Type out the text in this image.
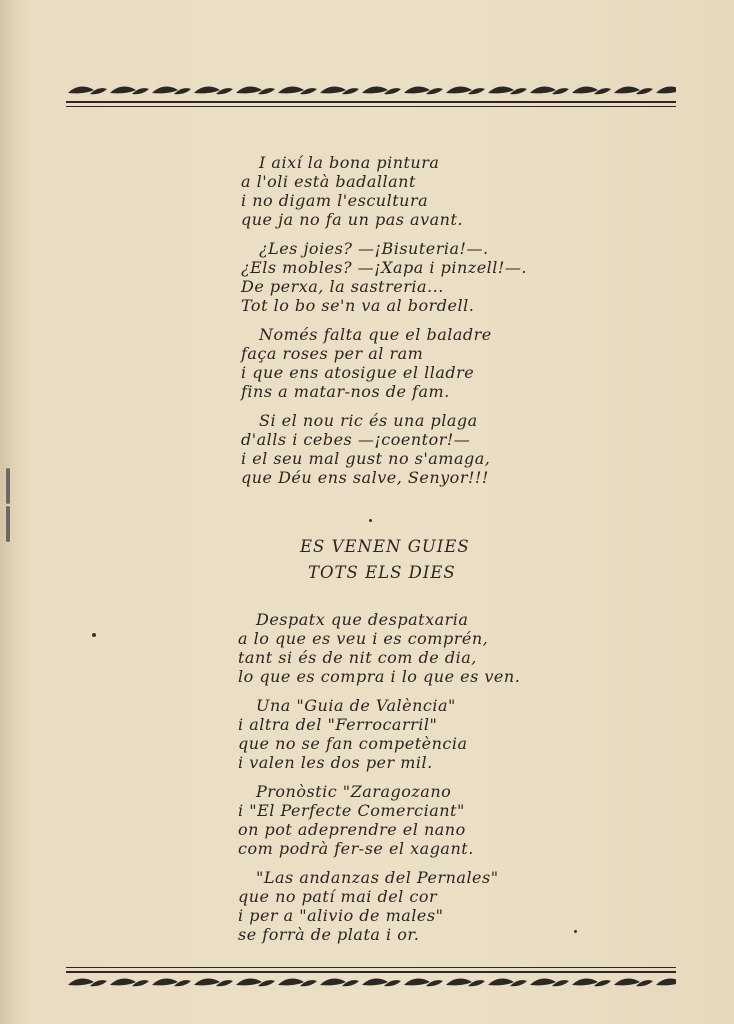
I així la bona pintura
a l'oli està badallant
i no digam l'escultura
que ja no fa un pas avant.
¿Les joies? —¡Bisuteria!—.
¿Els mobles? —¡Xapa i pinzell!—.
De perxa, la sastreria...
Tot lo bo se'n va al bordell.
Només falta que el baladre
faça roses per al ram
i que ens atosigue el lladre
fins a matar-nos de fam.
Si el nou ric és una plaga
d'alls i cebes —¡coentor!—
i el seu mal gust no s'amaga,
que Déu ens salve, Senyor!!!
ES VENEN GUIES
TOTS ELS DIES
Despatx que despatxaria
a lo que es veu i es comprén,
tant si és de nit com de dia,
lo que es compra i lo que es ven.
Una "Guia de València"
i altra del "Ferrocarril"
que no se fan competència
i valen les dos per mil.
Pronòstic "Zaragozano
i "El Perfecte Comerciant"
on pot adeprendre el nano
com podrà fer-se el xagant.
"Las andanzas del Pernales"
que no patí mai del cor
i per a "alivio de males"
se forrà de plata i or.
